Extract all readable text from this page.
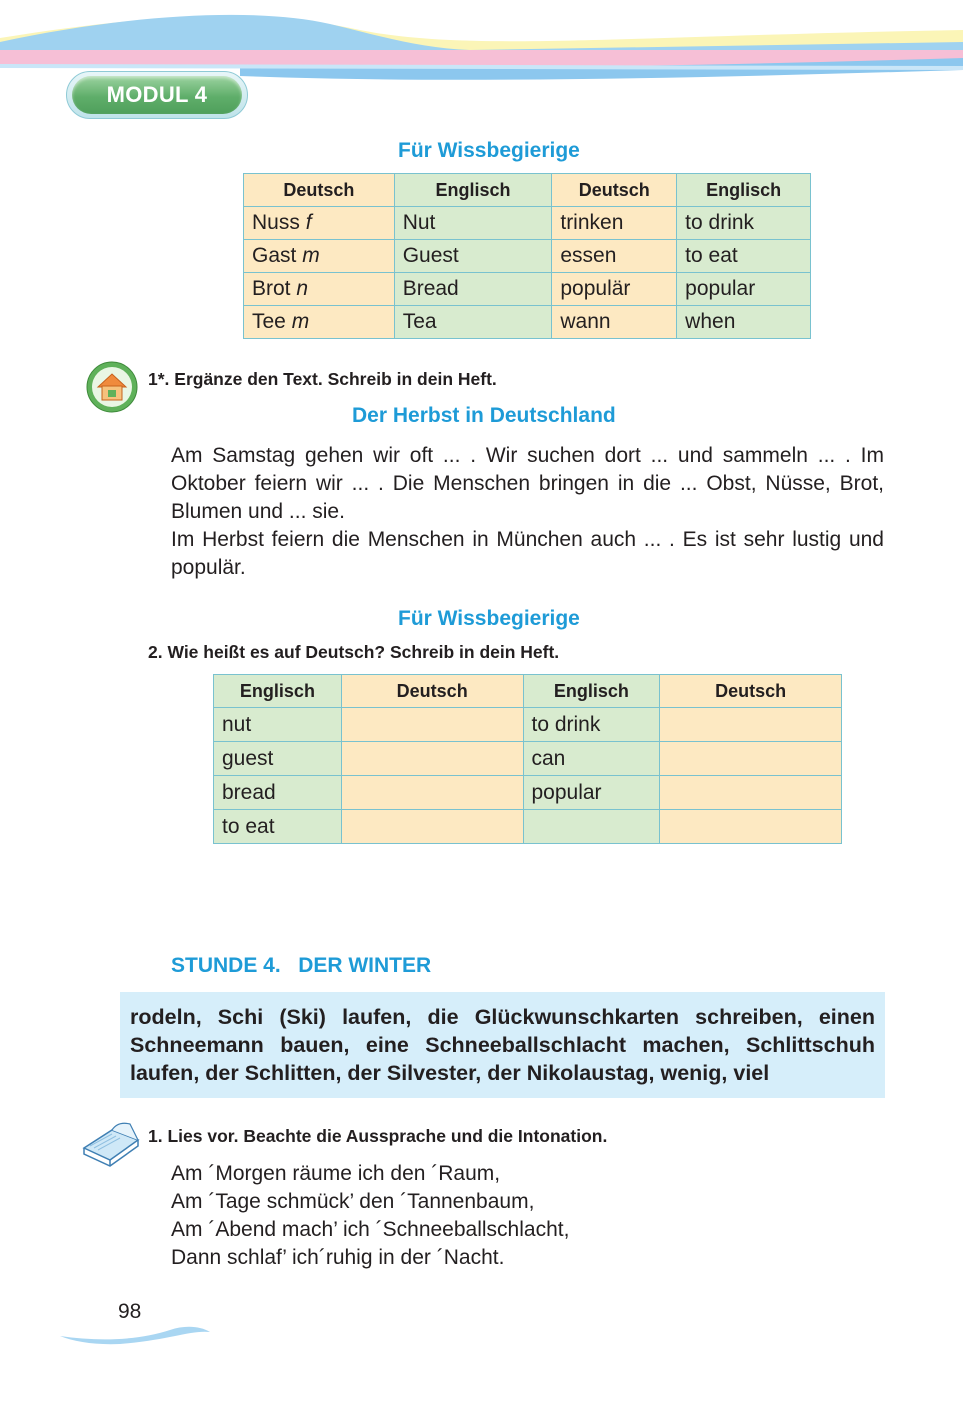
MODUL 4
Für Wissbegierige
Deutsch	Englisch	Deutsch	Englisch
Nuss f	Nut	trinken	to drink
Gast m	Guest	essen	to eat
Brot n	Bread	populär	popular
Tee m	Tea	wann	when
1*. Ergänze den Text. Schreib in dein Heft.
Der Herbst in Deutschland

Am Samstag gehen wir oft ... . Wir suchen dort ... und sammeln ... . Im Oktober feiern wir ... . Die Menschen bringen in die ... Obst, Nüsse, Brot, Blumen und ... sie.

Im Herbst feiern die Menschen in München auch ... . Es ist sehr lustig und populär.

Für Wissbegierige
2. Wie heißt es auf Deutsch? Schreib in dein Heft.
Englisch	Deutsch	Englisch	Deutsch
nut		to drink	
guest		can	
bread		popular	
to eat			
STUNDE 4.   DER WINTER
rodeln, Schi (Ski) laufen, die Glückwunschkarten schreiben, einen Schneemann bauen, eine Schneeballschlacht machen, Schlittschuh laufen, der Schlitten, der Silvester, der Nikolaustag, wenig, viel
1. Lies vor. Beachte die Aussprache und die Intonation.
Am ´Morgen räume ich den ´Raum,
Am ´Tage schmück’ den ´Tannenbaum,
Am ´Abend mach’ ich ´Schneeballschlacht,
Dann schlaf’ ich´ruhig in der ´Nacht.
98
